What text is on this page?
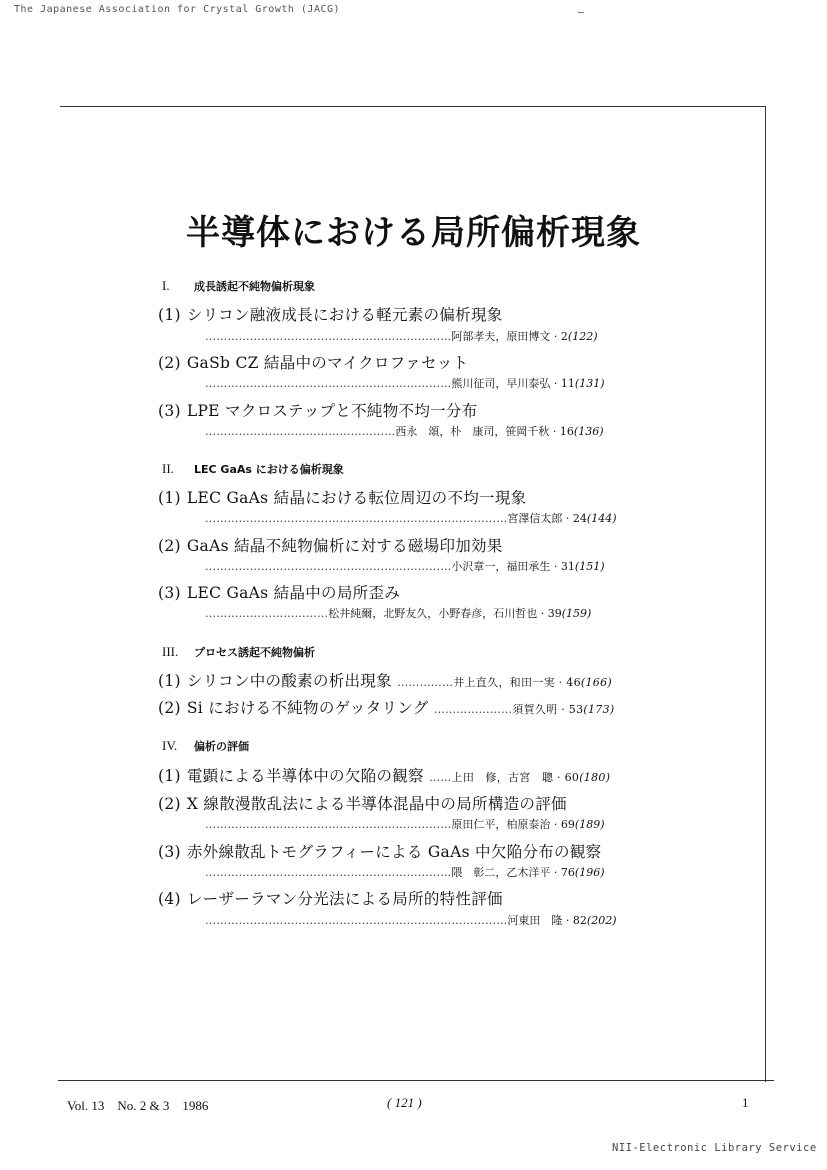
The Japanese Association for Crystal Growth (JACG)
半導体における局所偏析現象
I. 成長誘起不純物偏析現象
(1) シリコン融液成長における軽元素の偏析現象
…………………………………………………………阿部孝夫，原田博文 · 2(122)
(2) GaSb CZ 結晶中のマイクロファセット
…………………………………………………………熊川征司，早川泰弘 · 11(131)
(3) LPE マクロステップと不純物不均一分布
……………………………………………西永　頌，朴　康司，笹岡千秋 · 16(136)
II. LEC GaAs における偏析現象
(1) LEC GaAs 結晶における転位周辺の不均一現象
………………………………………………………………………宮澤信太郎 · 24(144)
(2) GaAs 結晶不純物偏析に対する磁場印加効果
…………………………………………………………小沢章一，福田承生 · 31(151)
(3) LEC GaAs 結晶中の局所歪み
……………………………松井純爾，北野友久，小野春彦，石川哲也 · 39(159)
III. プロセス誘起不純物偏析
(1) シリコン中の酸素の析出現象 ……………井上直久，和田一実 · 46(166)
(2) Si における不純物のゲッタリング …………………須賀久明 · 53(173)
IV. 偏析の評価
(1) 電顕による半導体中の欠陥の観察 ……上田　修，古宮　聰 · 60(180)
(2) X 線散漫散乱法による半導体混晶中の局所構造の評価
…………………………………………………………原田仁平，柏原泰治 · 69(189)
(3) 赤外線散乱トモグラフィーによる GaAs 中欠陥分布の観察
…………………………………………………………隈　彰二，乙木洋平 · 76(196)
(4) レーザーラマン分光法による局所的特性評価
………………………………………………………………………河東田　隆 · 82(202)
Vol. 13　No. 2 & 3　1986	( 121 )	1
NII-Electronic Library Service
